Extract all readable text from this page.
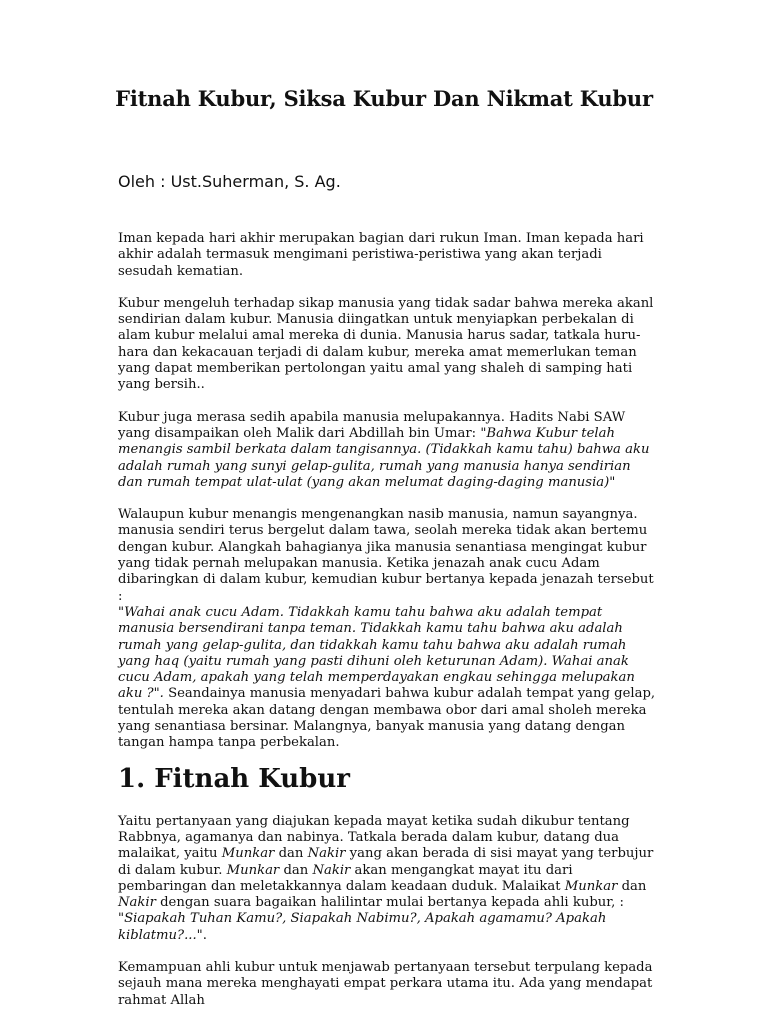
Fitnah Kubur, Siksa Kubur Dan Nikmat Kubur

Oleh : Ust.Suherman, S. Ag.

Iman kepada hari akhir merupakan bagian dari rukun Iman. Iman kepada hari akhir adalah termasuk mengimani peristiwa-peristiwa yang akan terjadi sesudah kematian.

Kubur mengeluh terhadap sikap manusia yang tidak sadar bahwa mereka akanl sendirian dalam kubur. Manusia diingatkan untuk menyiapkan perbekalan di alam kubur melalui amal mereka di dunia. Manusia harus sadar, tatkala huru-hara dan kekacauan terjadi di dalam kubur, mereka amat memerlukan teman yang dapat memberikan pertolongan yaitu amal yang shaleh di samping hati yang bersih..

Kubur juga merasa sedih apabila manusia melupakannya. Hadits Nabi SAW yang disampaikan oleh Malik dari Abdillah bin Umar: "Bahwa Kubur telah menangis sambil berkata dalam tangisannya. (Tidakkah kamu tahu) bahwa aku adalah rumah yang sunyi gelap-gulita, rumah yang manusia hanya sendirian dan rumah tempat ulat-ulat (yang akan melumat daging-daging manusia)"

Walaupun kubur menangis mengenangkan nasib manusia, namun sayangnya. manusia sendiri terus bergelut dalam tawa, seolah mereka tidak akan bertemu dengan kubur. Alangkah bahagianya jika manusia senantiasa mengingat kubur yang tidak pernah melupakan manusia. Ketika jenazah anak cucu Adam dibaringkan di dalam kubur, kemudian kubur bertanya kepada jenazah tersebut :
"Wahai anak cucu Adam. Tidakkah kamu tahu bahwa aku adalah tempat manusia bersendirani tanpa teman. Tidakkah kamu tahu bahwa aku adalah rumah yang gelap-gulita, dan tidakkah kamu tahu bahwa aku adalah rumah yang haq (yaitu rumah yang pasti dihuni oleh keturunan Adam). Wahai anak cucu Adam, apakah yang telah memperdayakan engkau sehingga melupakan aku ?". Seandainya manusia menyadari bahwa kubur adalah tempat yang gelap, tentulah mereka akan datang dengan membawa obor dari amal sholeh mereka yang senantiasa bersinar. Malangnya, banyak manusia yang datang dengan tangan hampa tanpa perbekalan.

1. Fitnah Kubur

Yaitu pertanyaan yang diajukan kepada mayat ketika sudah dikubur tentang Rabbnya, agamanya dan nabinya. Tatkala berada dalam kubur, datang dua malaikat, yaitu Munkar dan Nakir yang akan berada di sisi mayat yang terbujur di dalam kubur. Munkar dan Nakir akan mengangkat mayat itu dari pembaringan dan meletakkannya dalam keadaan duduk. Malaikat Munkar dan Nakir dengan suara bagaikan halilintar mulai bertanya kepada ahli kubur, : "Siapakah Tuhan Kamu?, Siapakah Nabimu?, Apakah agamamu? Apakah kiblatmu?...".

Kemampuan ahli kubur untuk menjawab pertanyaan tersebut terpulang kepada sejauh mana mereka menghayati empat perkara utama itu. Ada yang mendapat rahmat Allah
